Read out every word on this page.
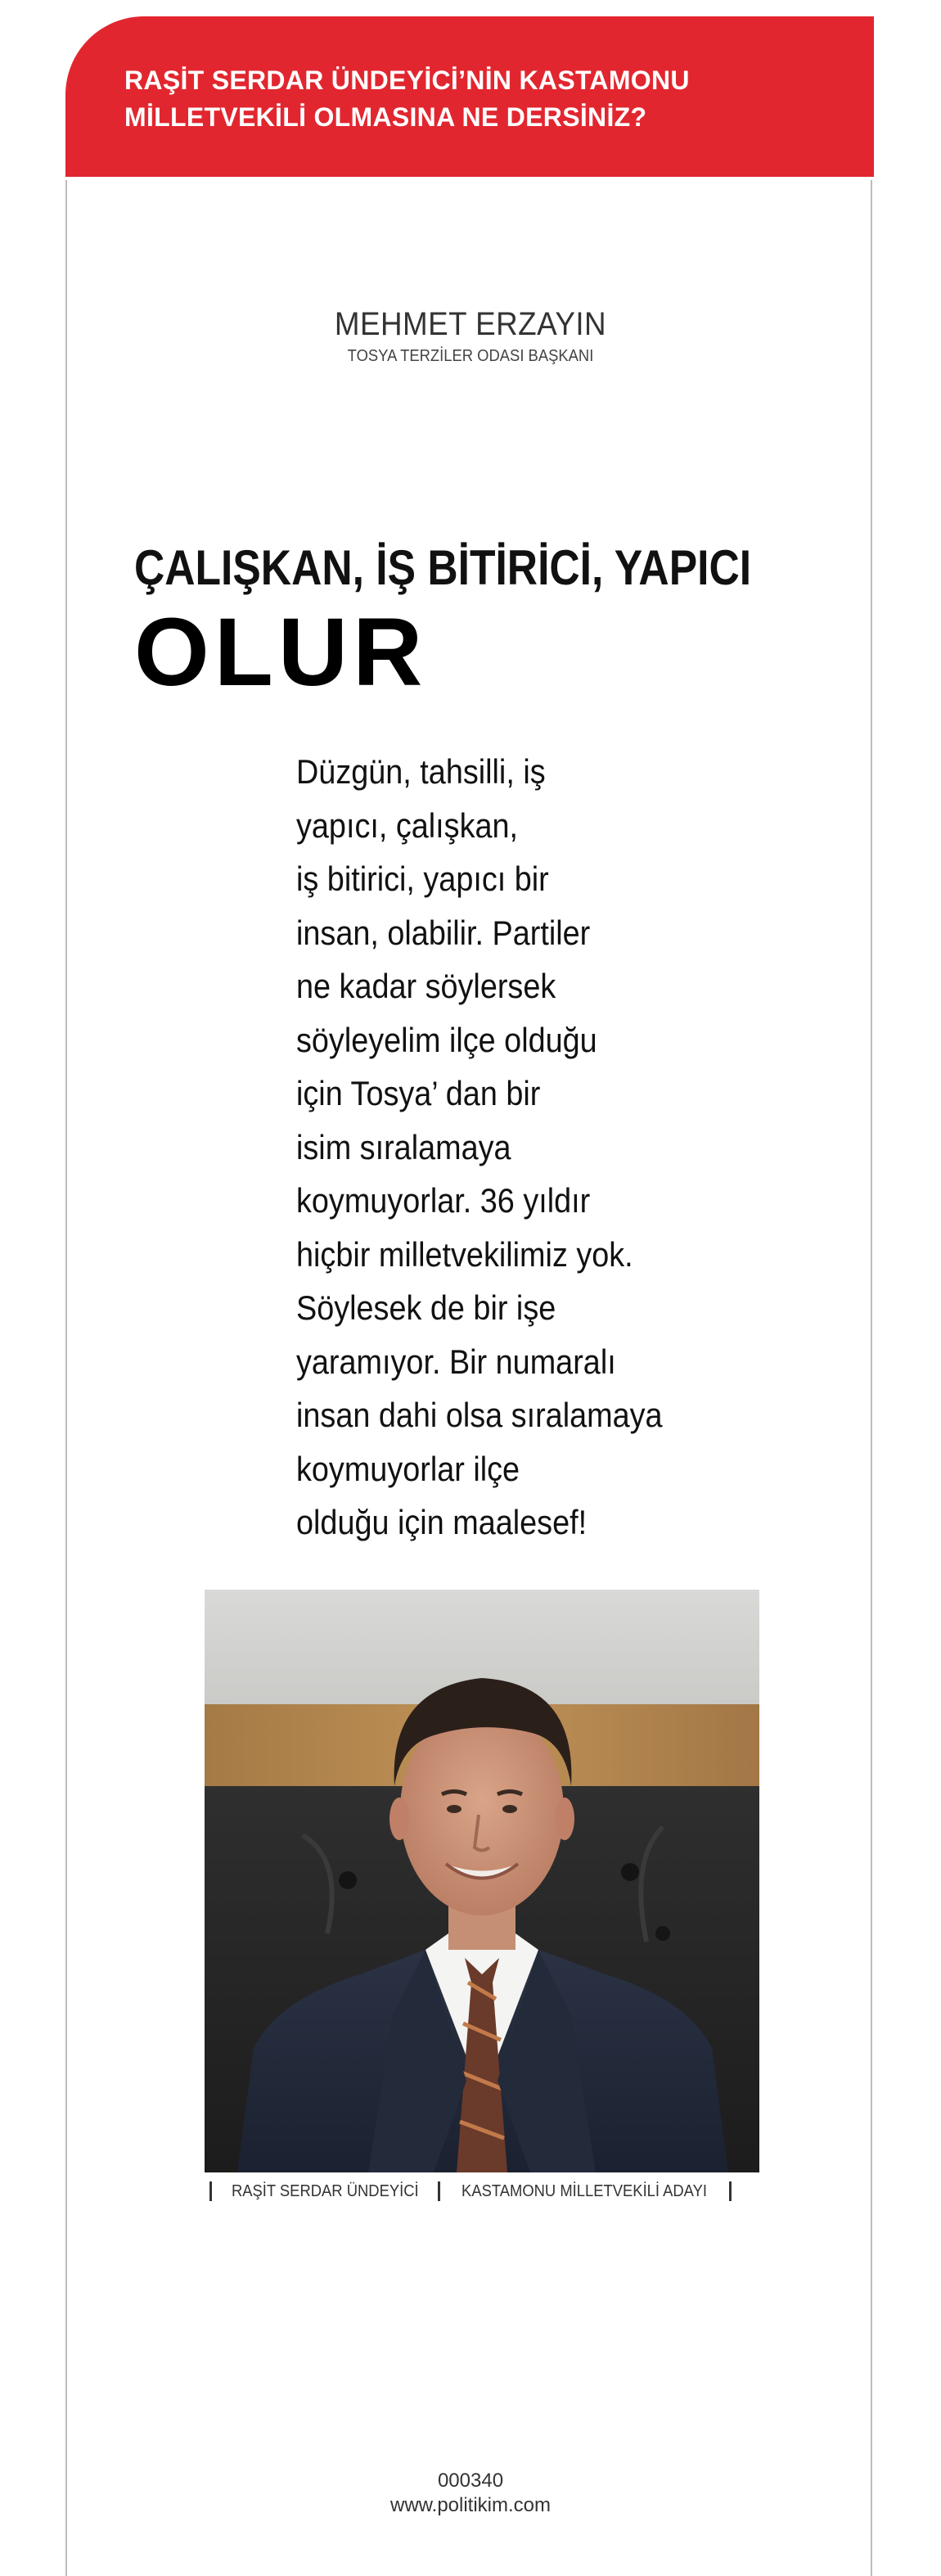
RAŞİT SERDAR ÜNDEYİCİ’NİN KASTAMONU
MİLLETVEKİLİ OLMASINA NE DERSİNİZ?
MEHMET ERZAYIN
TOSYA TERZİLER ODASI BAŞKANI
ÇALIŞKAN, İŞ BİTİRİCİ, YAPICI
OLUR
Düzgün, tahsilli, iş
yapıcı, çalışkan,
iş bitirici, yapıcı bir
insan, olabilir. Partiler
ne kadar söylersek
söyleyelim ilçe olduğu
için Tosya’ dan bir
isim sıralamaya
koymuyorlar. 36 yıldır
hiçbir milletvekilimiz yok.
Söylesek de bir işe
yaramıyor. Bir numaralı
insan dahi olsa sıralamaya
koymuyorlar ilçe
olduğu için maalesef!
RAŞİT SERDAR ÜNDEYİCİ	KASTAMONU MİLLETVEKİLİ ADAYI
000340
www.politikim.com
